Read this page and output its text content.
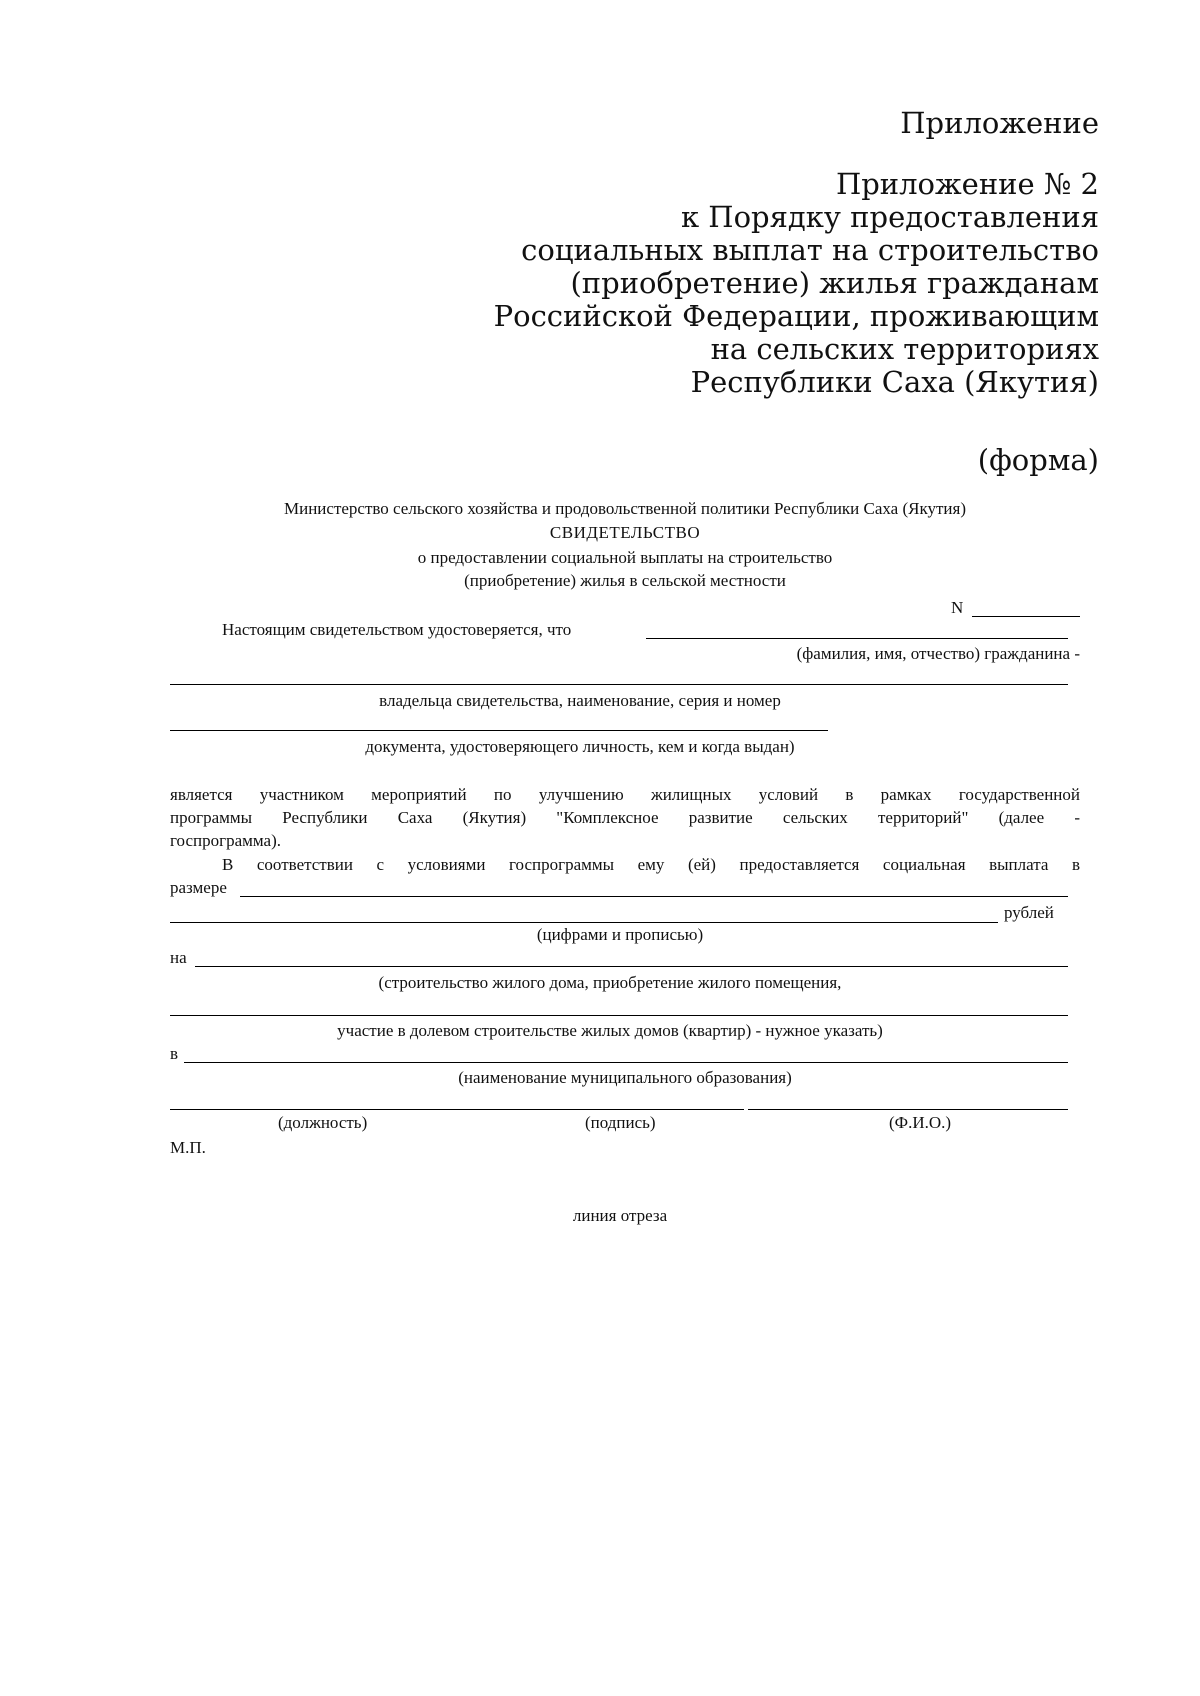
Приложение
Приложение № 2
к Порядку предоставления
социальных выплат на строительство
(приобретение) жилья гражданам
Российской Федерации, проживающим
на сельских территориях
Республики Саха (Якутия)
(форма)
Министерство сельского хозяйства и продовольственной политики Республики Саха (Якутия)
СВИДЕТЕЛЬСТВО
о предоставлении социальной выплаты на строительство
(приобретение) жилья в сельской местности
N
Настоящим свидетельством удостоверяется, что
(фамилия, имя, отчество) гражданина -
владельца свидетельства, наименование, серия и номер
документа, удостоверяющего личность, кем и когда выдан)
является участником мероприятий по улучшению жилищных условий в рамках государственной
программы Республики Саха (Якутия) "Комплексное развитие сельских территорий" (далее -
госпрограмма).
В соответствии с условиями госпрограммы ему (ей) предоставляется социальная выплата в
размере
рублей
(цифрами и прописью)
на
(строительство жилого дома, приобретение жилого помещения,
участие в долевом строительстве жилых домов (квартир) - нужное указать)
в
(наименование муниципального образования)
(должность)	(подпись)	(Ф.И.О.)
М.П.
линия отреза
